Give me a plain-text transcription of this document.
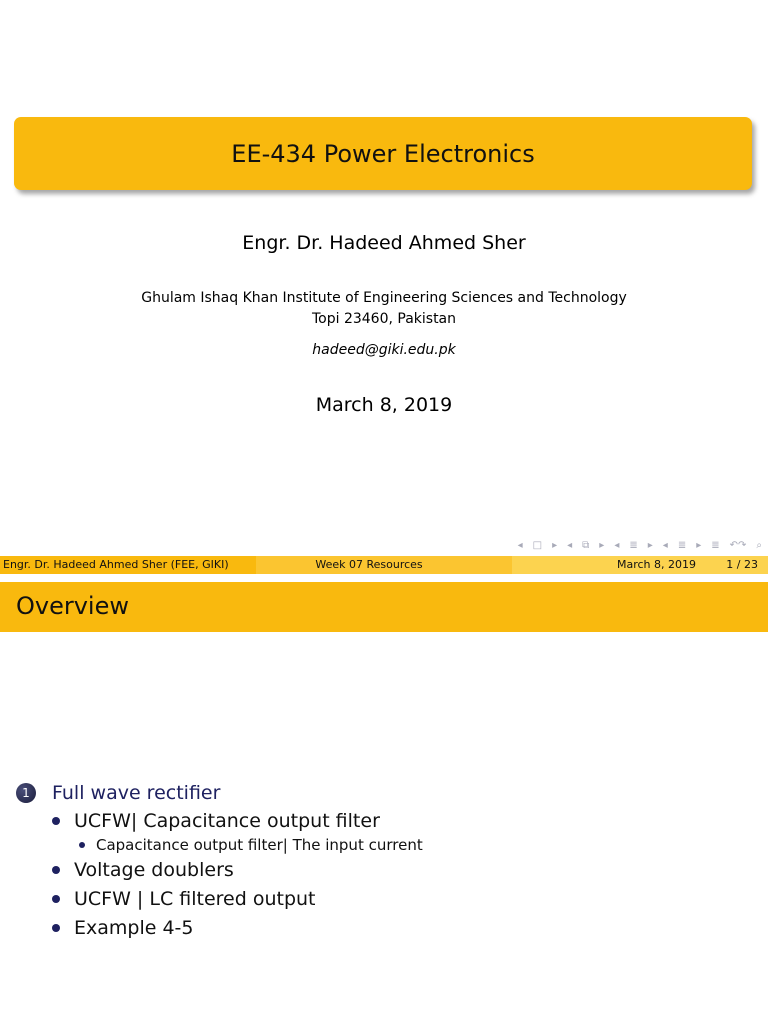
EE-434 Power Electronics
Engr. Dr. Hadeed Ahmed Sher
Ghulam Ishaq Khan Institute of Engineering Sciences and Technology
Topi 23460, Pakistan
hadeed@giki.edu.pk
March 8, 2019
◂ □ ▸ ◂ ⧉ ▸ ◂ ≣ ▸ ◂ ≣ ▸ ≣ ↶↷ ⌕
Engr. Dr. Hadeed Ahmed Sher (FEE, GIKI)	Week 07 Resources	March 8, 2019	1 / 23
Overview
1	Full wave rectifier
UCFW| Capacitance output filter
Capacitance output filter| The input current
Voltage doublers
UCFW | LC filtered output
Example 4-5
